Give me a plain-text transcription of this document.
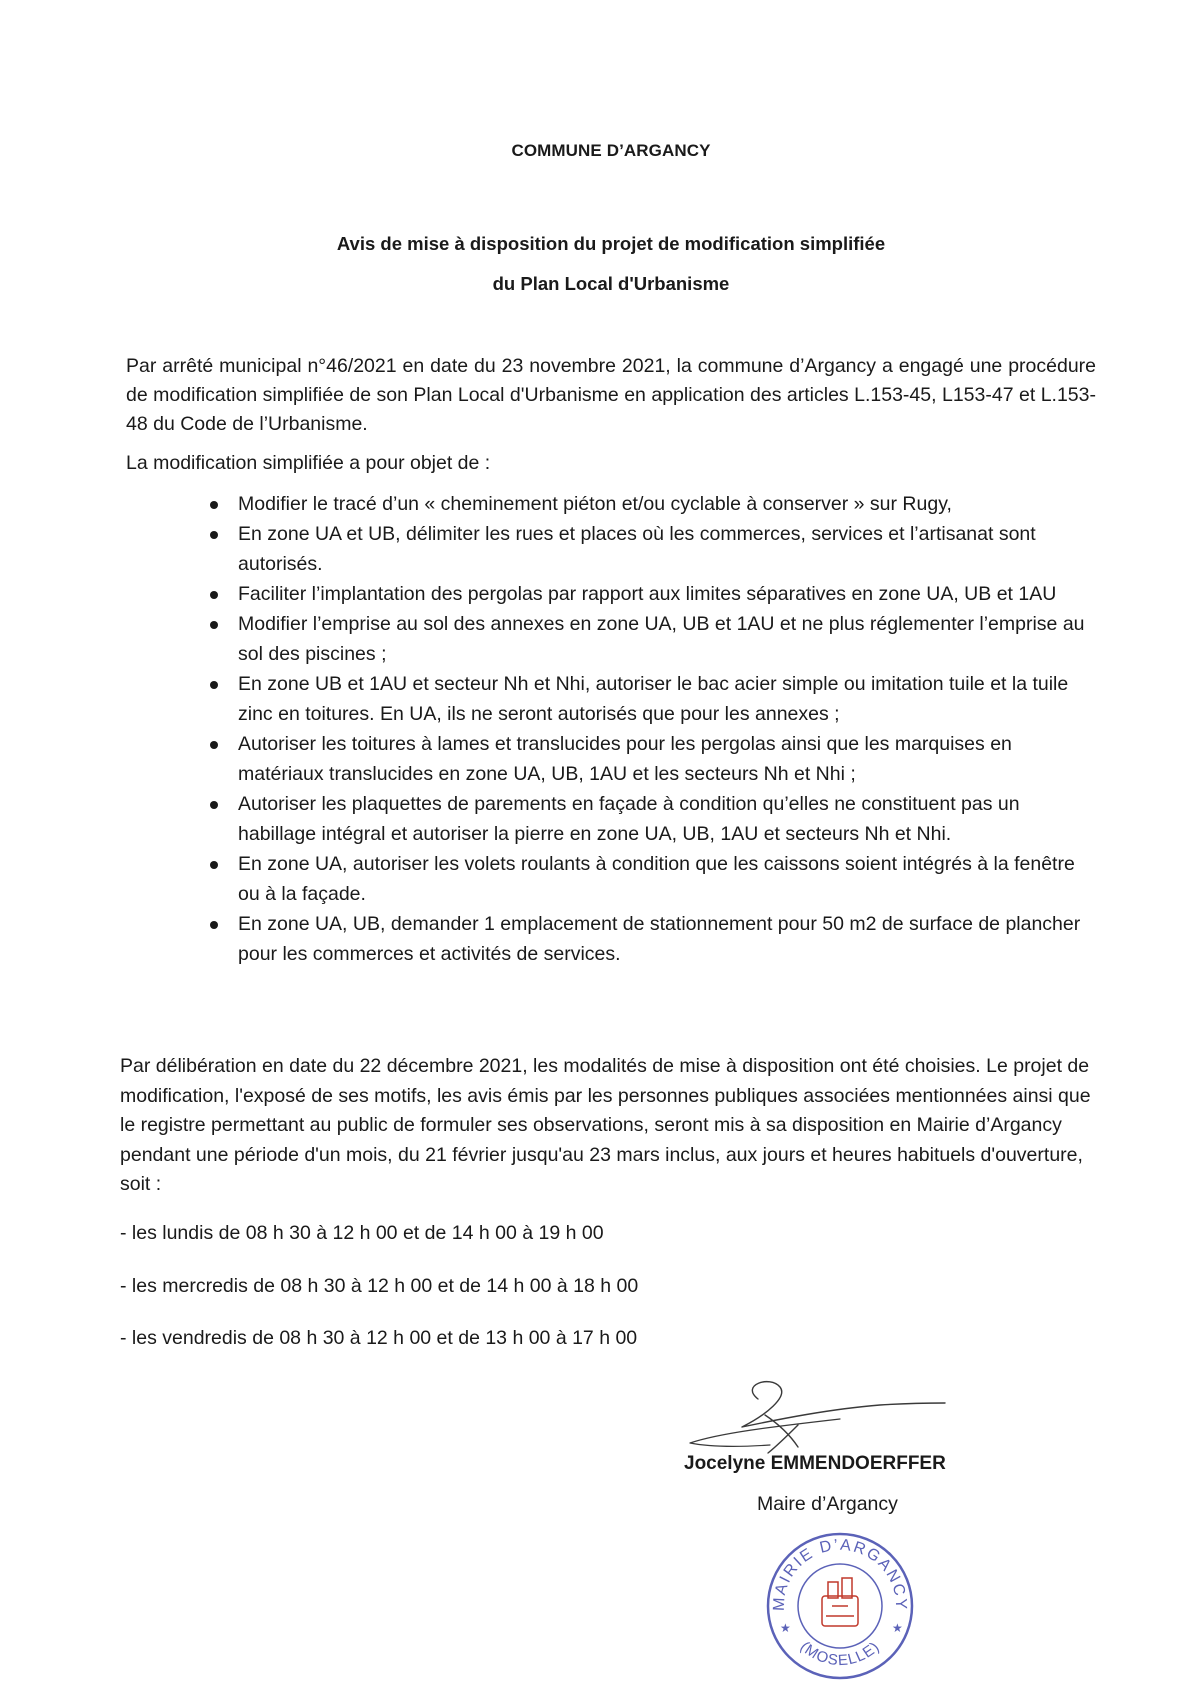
COMMUNE D’ARGANCY
Avis de mise à disposition du projet de modification simplifiée
du Plan Local d'Urbanisme

Par arrêté municipal n°46/2021 en date du 23 novembre 2021, la commune d’Argancy a engagé une procédure de modification simplifiée de son Plan Local d'Urbanisme en application des articles L.153-45, L153-47 et L.153-48 du Code de l’Urbanisme.

La modification simplifiée a pour objet de :

Modifier le tracé d’un « cheminement piéton et/ou cyclable à conserver » sur Rugy,
En zone UA et UB, délimiter les rues et places où les commerces, services et l’artisanat sont autorisés.
Faciliter l’implantation des pergolas par rapport aux limites séparatives en zone UA, UB et 1AU
Modifier l’emprise au sol des annexes en zone UA, UB et 1AU et ne plus réglementer l’emprise au sol des piscines ;
En zone UB et 1AU et secteur Nh et Nhi, autoriser le bac acier simple ou imitation tuile et la tuile zinc en toitures. En UA, ils ne seront autorisés que pour les annexes ;
Autoriser les toitures à lames et translucides pour les pergolas ainsi que les marquises en matériaux translucides en zone UA, UB, 1AU et les secteurs Nh et Nhi ;
Autoriser les plaquettes de parements en façade à condition qu’elles ne constituent pas un habillage intégral et autoriser la pierre en zone UA, UB, 1AU et secteurs Nh et Nhi.
En zone UA, autoriser les volets roulants à condition que les caissons soient intégrés à la fenêtre ou à la façade.
En zone UA, UB, demander 1 emplacement de stationnement pour 50 m2 de surface de plancher pour les commerces et activités de services.

Par délibération en date du 22 décembre 2021, les modalités de mise à disposition ont été choisies. Le projet de modification, l'exposé de ses motifs, les avis émis par les personnes publiques associées mentionnées ainsi que le registre permettant au public de formuler ses observations, seront mis à sa disposition en Mairie d’Argancy pendant une période d'un mois, du 21 février jusqu'au 23 mars inclus, aux jours et heures habituels d'ouverture, soit :

- les lundis de 08 h 30 à 12 h 00 et de 14 h 00 à 19 h 00
- les mercredis de 08 h 30 à 12 h 00 et de 14 h 00 à 18 h 00
- les vendredis de 08 h 30 à 12 h 00 et de 13 h 00 à 17 h 00
Jocelyne EMMENDOERFFER
Maire d’Argancy
MAIRIE D’ARGANCY
(MOSELLE)
★	★
